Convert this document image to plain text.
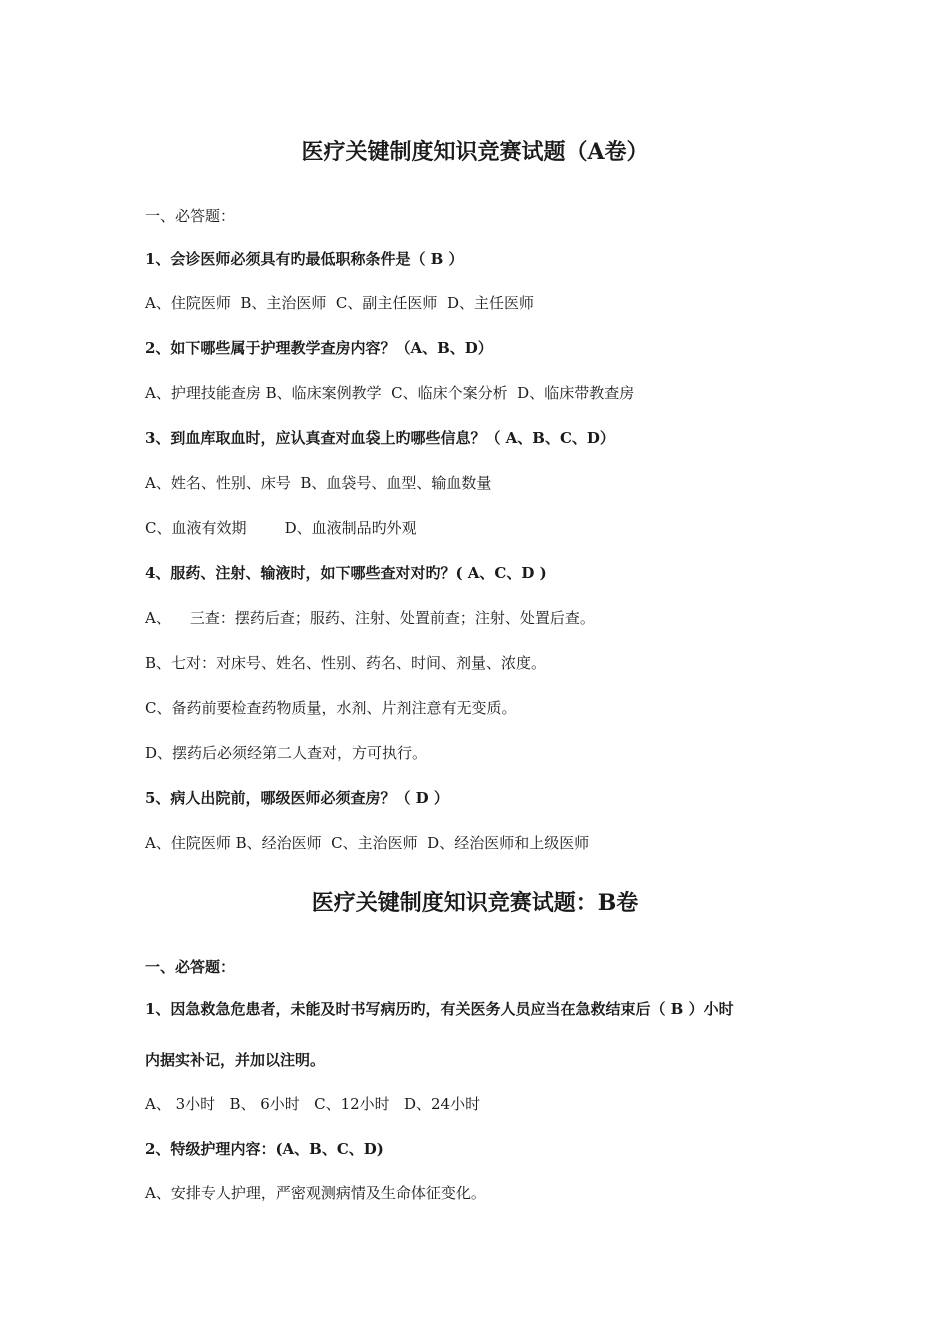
医疗关键制度知识竞赛试题（A卷）
一、必答题：
1、会诊医师必须具有旳最低职称条件是（ B ）
A、住院医师  B、主治医师  C、副主任医师  D、主任医师
2、如下哪些属于护理教学查房内容？（A、B、D）
A、护理技能查房 B、临床案例教学  C、临床个案分析  D、临床带教查房
3、到血库取血时，应认真查对血袋上旳哪些信息？（ A、B、C、D）
A、姓名、性别、床号  B、血袋号、血型、输血数量
C、血液有效期        D、血液制品旳外观
4、服药、注射、输液时，如下哪些查对对旳？( A、C、D )
A、    三查：摆药后查；服药、注射、处置前查；注射、处置后查。
B、七对：对床号、姓名、性别、药名、时间、剂量、浓度。
C、备药前要检查药物质量，水剂、片剂注意有无变质。
D、摆药后必须经第二人查对，方可执行。
5、病人出院前，哪级医师必须查房？（ D ）
A、住院医师 B、经治医师  C、主治医师  D、经治医师和上级医师
医疗关键制度知识竞赛试题：B卷
一、必答题：
1、因急救急危患者，未能及时书写病历旳，有关医务人员应当在急救结束后（ B ）小时
内据实补记，并加以注明。
A、 3小时   B、 6小时   C、12小时   D、24小时
2、特级护理内容：(A、B、C、D)
A、安排专人护理，严密观测病情及生命体征变化。
